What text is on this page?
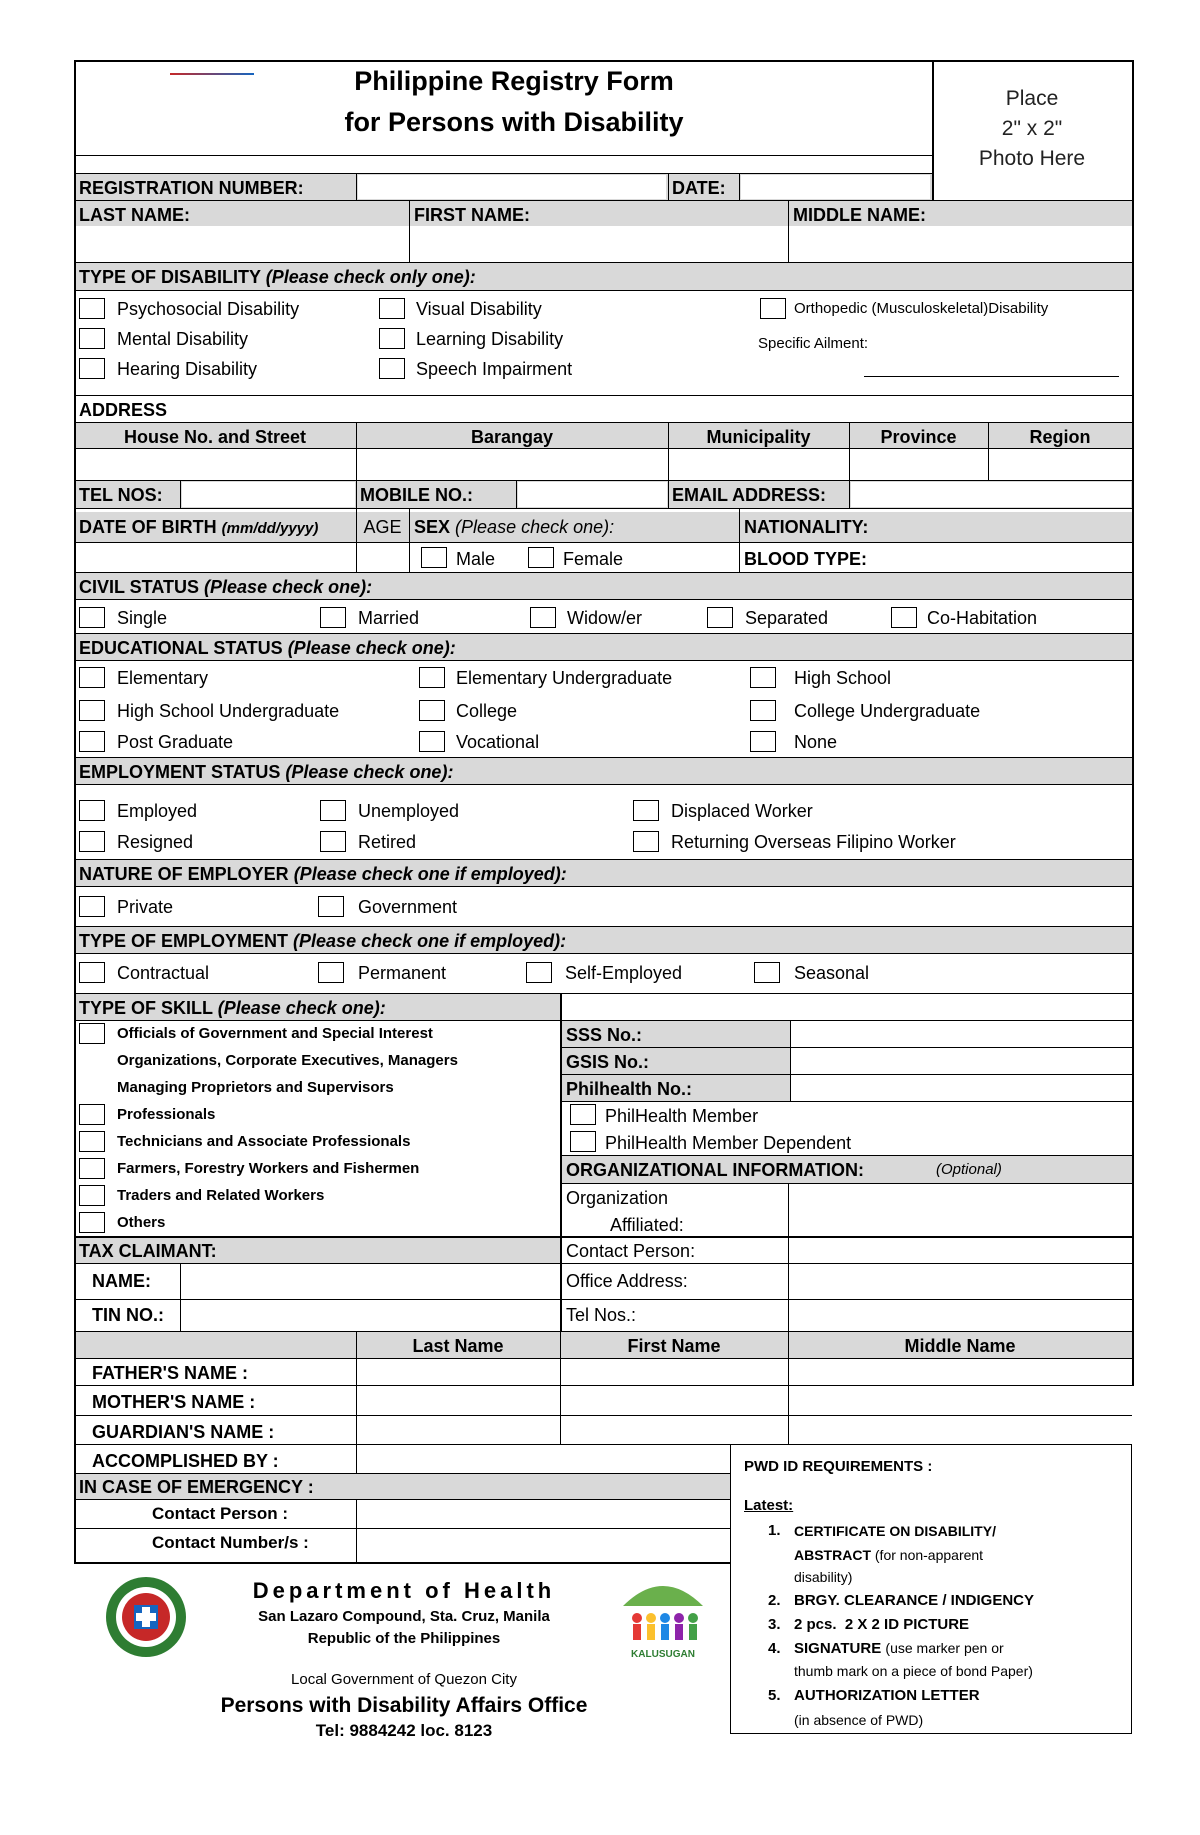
Philippine Registry Form
for Persons with Disability
Place
2" x 2"
Photo Here
REGISTRATION NUMBER:	DATE:
LAST NAME:	FIRST NAME:	MIDDLE NAME:
TYPE OF DISABILITY (Please check only one):
Psychosocial Disability	Visual Disability	Orthopedic (Musculoskeletal)Disability
Mental Disability	Learning Disability	Specific Ailment:
Hearing Disability	Speech Impairment
ADDRESS
House No. and Street	Barangay	Municipality	Province	Region
TEL NOS:	MOBILE NO.:	EMAIL ADDRESS:
DATE OF BIRTH (mm/dd/yyyy)	AGE SEX (Please check one):	NATIONALITY:
Male	Female	BLOOD TYPE:
CIVIL STATUS (Please check one):
Single	Married	Widow/er	Separated	Co-Habitation
EDUCATIONAL STATUS (Please check one):
Elementary	Elementary Undergraduate	High School
High School Undergraduate	College	College Undergraduate
Post Graduate	Vocational	None
EMPLOYMENT STATUS (Please check one):
Employed	Unemployed	Displaced Worker
Resigned	Retired	Returning Overseas Filipino Worker
NATURE OF EMPLOYER (Please check one if employed):
Private	Government
TYPE OF EMPLOYMENT (Please check one if employed):
Contractual	Permanent	Self-Employed	Seasonal
TYPE OF SKILL (Please check one):
Officials of Government and Special Interest
Organizations, Corporate Executives, Managers
Managing Proprietors and Supervisors
Professionals
Technicians and Associate Professionals
Farmers, Forestry Workers and Fishermen
Traders and Related Workers
Others
SSS No.:
GSIS No.:
Philhealth No.:
PhilHealth Member
PhilHealth Member Dependent
ORGANIZATIONAL INFORMATION:	(Optional)
Organization
Affiliated:
Contact Person:
Office Address:
Tel Nos.:
TAX CLAIMANT:
NAME:
TIN NO.:
Last Name	First Name	Middle Name
FATHER'S NAME :
MOTHER'S NAME :
GUARDIAN'S NAME :
ACCOMPLISHED BY :
IN CASE OF EMERGENCY :
Contact Person :
Contact Number/s :
PWD ID REQUIREMENTS :
Latest:
1. CERTIFICATE ON DISABILITY/
ABSTRACT (for non-apparent
disability)
2. BRGY. CLEARANCE / INDIGENCY
3. 2 pcs.  2 X 2 ID PICTURE
4. SIGNATURE (use marker pen or
thumb mark on a piece of bond Paper)
5. AUTHORIZATION LETTER
(in absence of PWD)
Department of Health
San Lazaro Compound, Sta. Cruz, Manila
Republic of the Philippines
KALUSUGAN
Local Government of Quezon City
Persons with Disability Affairs Office
Tel: 9884242 loc. 8123
